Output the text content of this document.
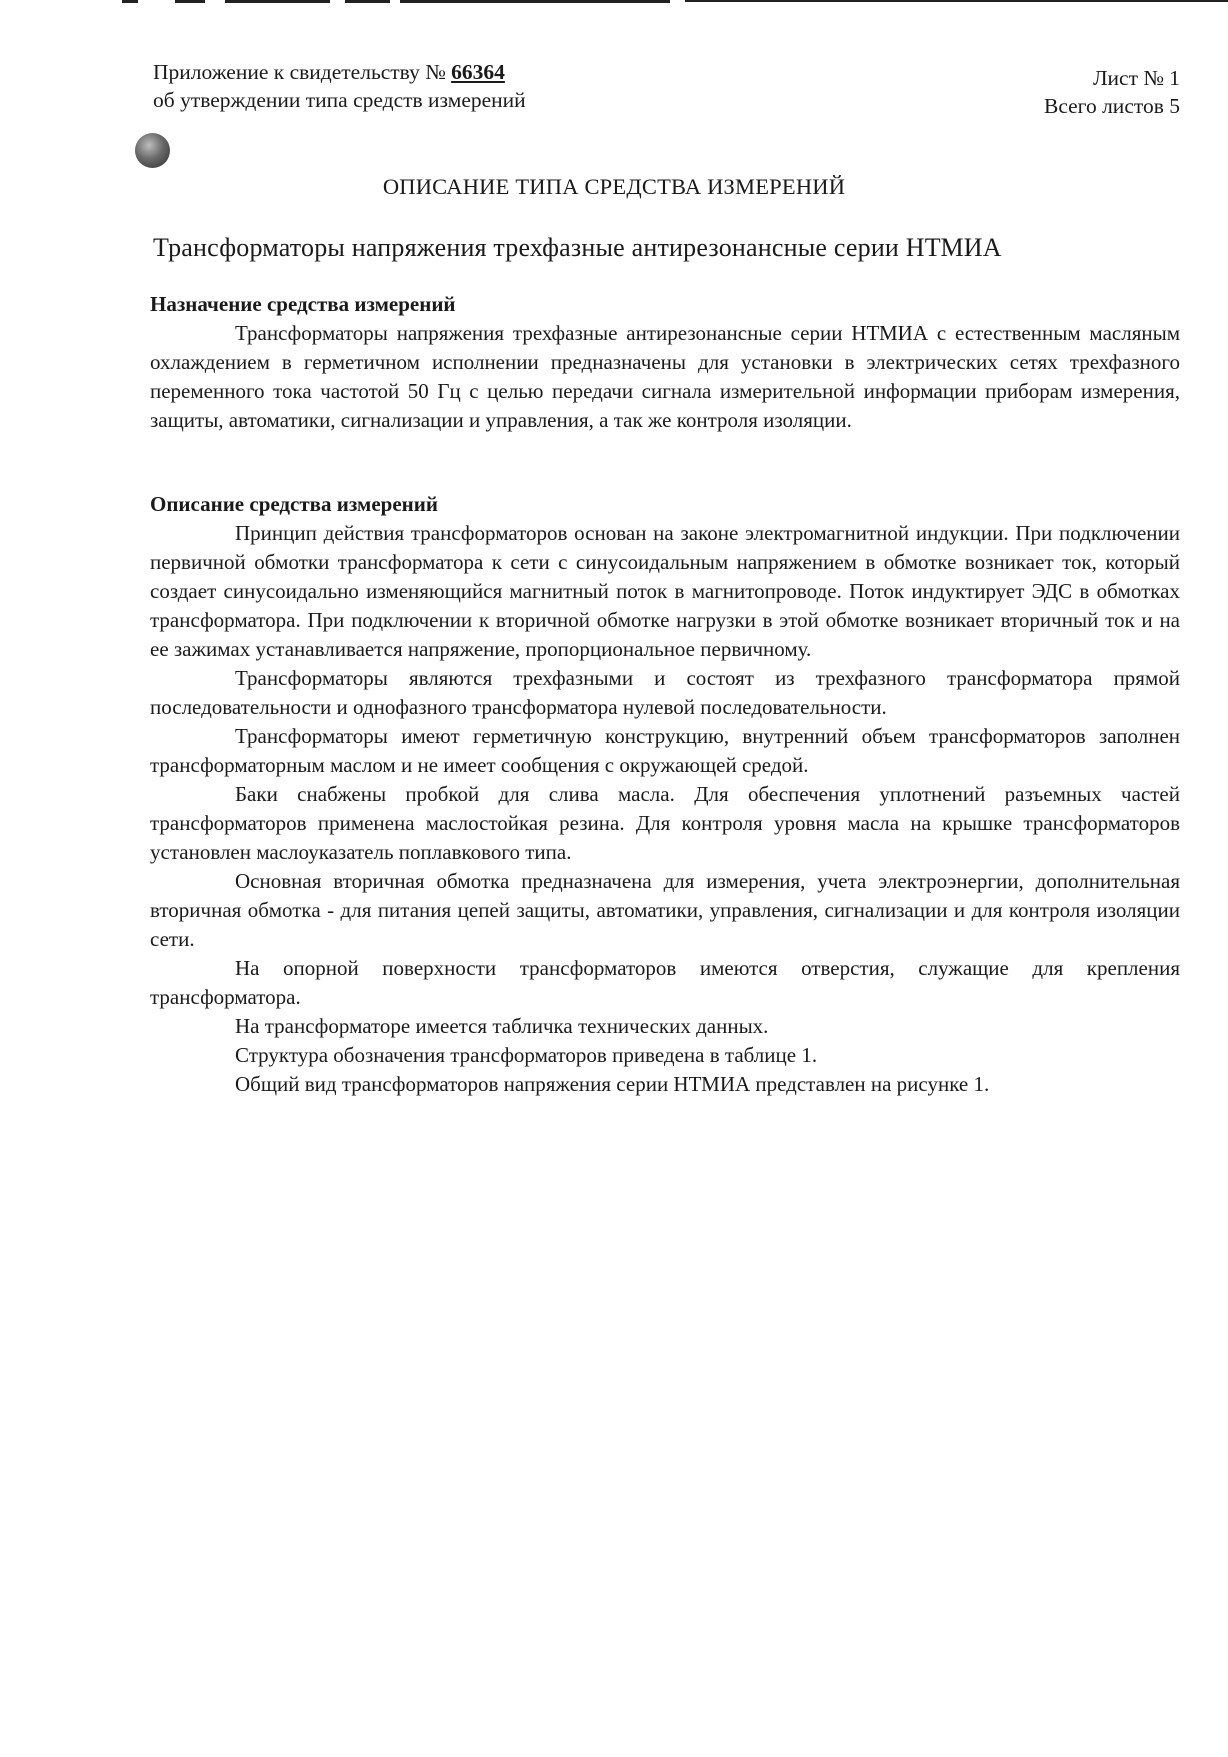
Приложение к свидетельству № 66364
об утверждении типа средств измерений
Лист № 1
Всего листов 5
ОПИСАНИЕ ТИПА СРЕДСТВА ИЗМЕРЕНИЙ
Трансформаторы напряжения трехфазные антирезонансные серии НТМИА
Назначение средства измерений

Трансформаторы напряжения трехфазные антирезонансные серии НТМИА с естественным масляным охлаждением в герметичном исполнении предназначены для установки в электрических сетях трехфазного переменного тока частотой 50 Гц с целью передачи сигнала измерительной информации приборам измерения, защиты, автоматики, сигнализации и управления, а так же контроля изоляции.

Описание средства измерений

Принцип действия трансформаторов основан на законе электромагнитной индукции. При подключении первичной обмотки трансформатора к сети с синусоидальным напряжением в обмотке возникает ток, который создает синусоидально изменяющийся магнитный поток в магнитопроводе. Поток индуктирует ЭДС в обмотках трансформатора. При подключении к вторичной обмотке нагрузки в этой обмотке возникает вторичный ток и на ее зажимах устанавливается напряжение, пропорциональное первичному.

Трансформаторы являются трехфазными и состоят из трехфазного трансформатора прямой последовательности и однофазного трансформатора нулевой последовательности.

Трансформаторы имеют герметичную конструкцию, внутренний объем трансформаторов заполнен трансформаторным маслом и не имеет сообщения с окружающей средой.

Баки снабжены пробкой для слива масла. Для обеспечения уплотнений разъемных частей трансформаторов применена маслостойкая резина. Для контроля уровня масла на крышке трансформаторов установлен маслоуказатель поплавкового типа.

Основная вторичная обмотка предназначена для измерения, учета электроэнергии, дополнительная вторичная обмотка - для питания цепей защиты, автоматики, управления, сигнализации и для контроля изоляции сети.

На опорной поверхности трансформаторов имеются отверстия, служащие для крепления трансформатора.

На трансформаторе имеется табличка технических данных.

Структура обозначения трансформаторов приведена в таблице 1.

Общий вид трансформаторов напряжения серии НТМИА представлен на рисунке 1.
